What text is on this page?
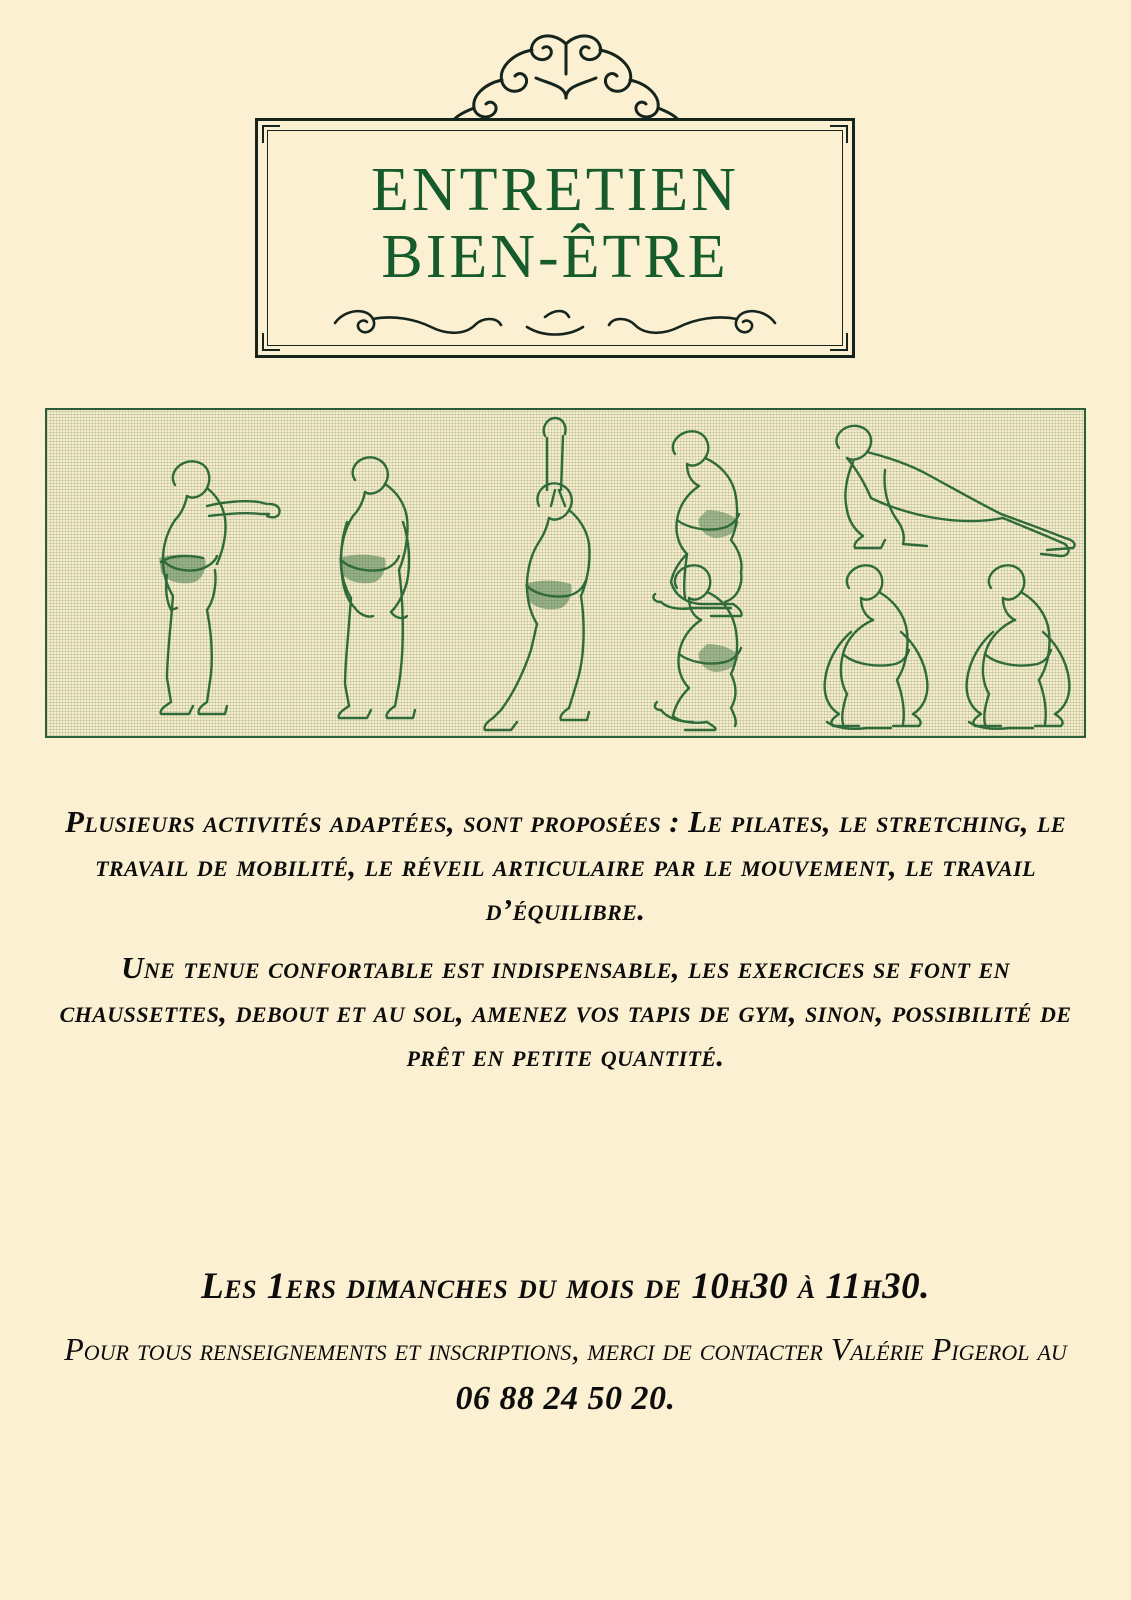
ENTRETIEN
BIEN-ÊTRE

Plusieurs activités adaptées, sont proposées : Le pilates, le stretching, le travail de mobilité, le réveil articulaire par le mouvement, le travail d’équilibre.

Une tenue confortable est indispensable, les exercices se font en chaussettes, debout et au sol, amenez vos tapis de gym, sinon, possibilité de prêt en petite quantité.

Les 1ers dimanches du mois de 10h30 à 11h30.
Pour tous renseignements et inscriptions, merci de contacter Valérie Pigerol au 06 88 24 50 20.
